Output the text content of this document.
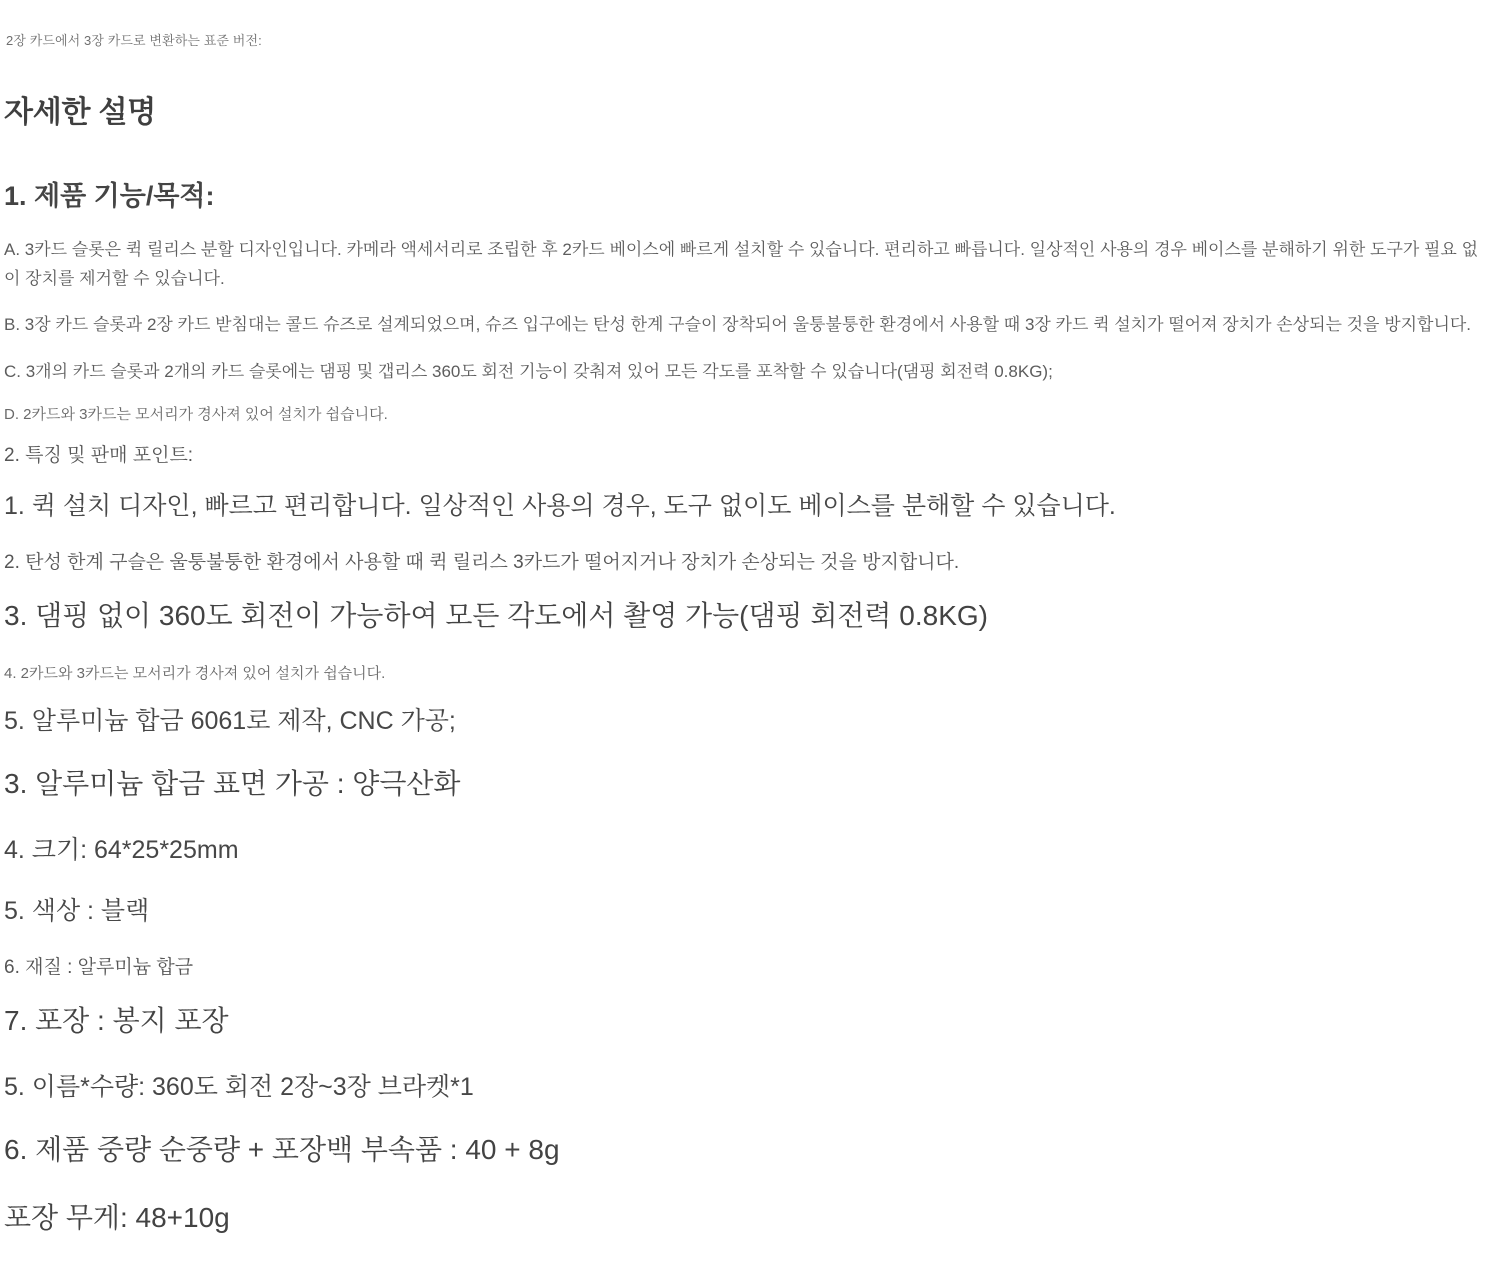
2장 카드에서 3장 카드로 변환하는 표준 버전:
자세한 설명
1. 제품 기능/목적:

A. 3카드 슬롯은 퀵 릴리스 분할 디자인입니다. 카메라 액세서리로 조립한 후 2카드 베이스에 빠르게 설치할 수 있습니다. 편리하고 빠릅니다. 일상적인 사용의 경우 베이스를 분해하기 위한 도구가 필요 없이 장치를 제거할 수 있습니다.

B. 3장 카드 슬롯과 2장 카드 받침대는 콜드 슈즈로 설계되었으며, 슈즈 입구에는 탄성 한계 구슬이 장착되어 울퉁불퉁한 환경에서 사용할 때 3장 카드 퀵 설치가 떨어져 장치가 손상되는 것을 방지합니다.

C. 3개의 카드 슬롯과 2개의 카드 슬롯에는 댐핑 및 갭리스 360도 회전 기능이 갖춰져 있어 모든 각도를 포착할 수 있습니다(댐핑 회전력 0.8KG);

D. 2카드와 3카드는 모서리가 경사져 있어 설치가 쉽습니다.

2. 특징 및 판매 포인트:

1. 퀵 설치 디자인, 빠르고 편리합니다. 일상적인 사용의 경우, 도구 없이도 베이스를 분해할 수 있습니다.

2. 탄성 한계 구슬은 울퉁불퉁한 환경에서 사용할 때 퀵 릴리스 3카드가 떨어지거나 장치가 손상되는 것을 방지합니다.

3. 댐핑 없이 360도 회전이 가능하여 모든 각도에서 촬영 가능(댐핑 회전력 0.8KG)

4. 2카드와 3카드는 모서리가 경사져 있어 설치가 쉽습니다.

5. 알루미늄 합금 6061로 제작, CNC 가공;

3. 알루미늄 합금 표면 가공 : 양극산화

4. 크기: 64*25*25mm

5. 색상 : 블랙

6. 재질 : 알루미늄 합금

7. 포장 : 봉지 포장

5. 이름*수량: 360도 회전 2장~3장 브라켓*1

6. 제품 중량 순중량 + 포장백 부속품 : 40 + 8g

포장 무게: 48+10g
